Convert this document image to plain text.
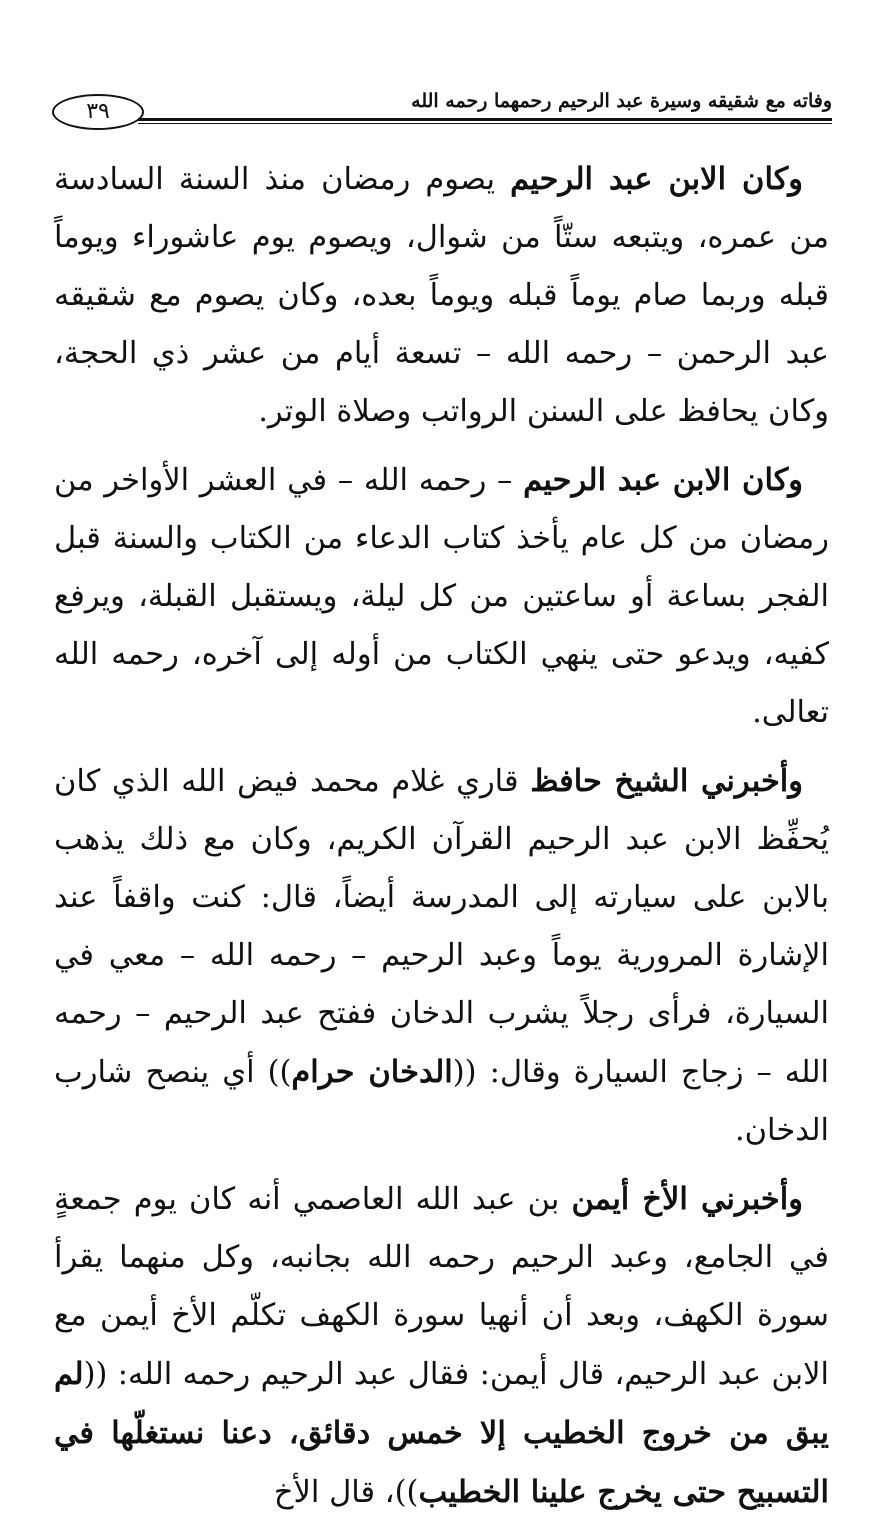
وفاته مع شقيقه وسيرة عبد الرحيم رحمهما رحمه الله
٣٩

وكان الابن عبد الرحيم يصوم رمضان منذ السنة السادسة من عمره، ويتبعه ستّاً من شوال، ويصوم يوم عاشوراء ويوماً قبله وربما صام يوماً قبله ويوماً بعده، وكان يصوم مع شقيقه عبد الرحمن – رحمه الله – تسعة أيام من عشر ذي الحجة، وكان يحافظ على السنن الرواتب وصلاة الوتر.

وكان الابن عبد الرحيم – رحمه الله – في العشر الأواخر من رمضان من كل عام يأخذ كتاب الدعاء من الكتاب والسنة قبل الفجر بساعة أو ساعتين من كل ليلة، ويستقبل القبلة، ويرفع كفيه، ويدعو حتى ينهي الكتاب من أوله إلى آخره، رحمه الله تعالى.

وأخبرني الشيخ حافظ قاري غلام محمد فيض الله الذي كان يُحفِّظ الابن عبد الرحيم القرآن الكريم، وكان مع ذلك يذهب بالابن على سيارته إلى المدرسة أيضاً، قال: كنت واقفاً عند الإشارة المرورية يوماً وعبد الرحيم – رحمه الله – معي في السيارة، فرأى رجلاً يشرب الدخان ففتح عبد الرحيم – رحمه الله – زجاج السيارة وقال: ((الدخان حرام)) أي ينصح شارب الدخان.

وأخبرني الأخ أيمن بن عبد الله العاصمي أنه كان يوم جمعةٍ في الجامع، وعبد الرحيم رحمه الله بجانبه، وكل منهما يقرأ سورة الكهف، وبعد أن أنهيا سورة الكهف تكلّم الأخ أيمن مع الابن عبد الرحيم، قال أيمن: فقال عبد الرحيم رحمه الله: ((لم يبق من خروج الخطيب إلا خمس دقائق، دعنا نستغلّها في التسبيح حتى يخرج علينا الخطيب))، قال الأخ
